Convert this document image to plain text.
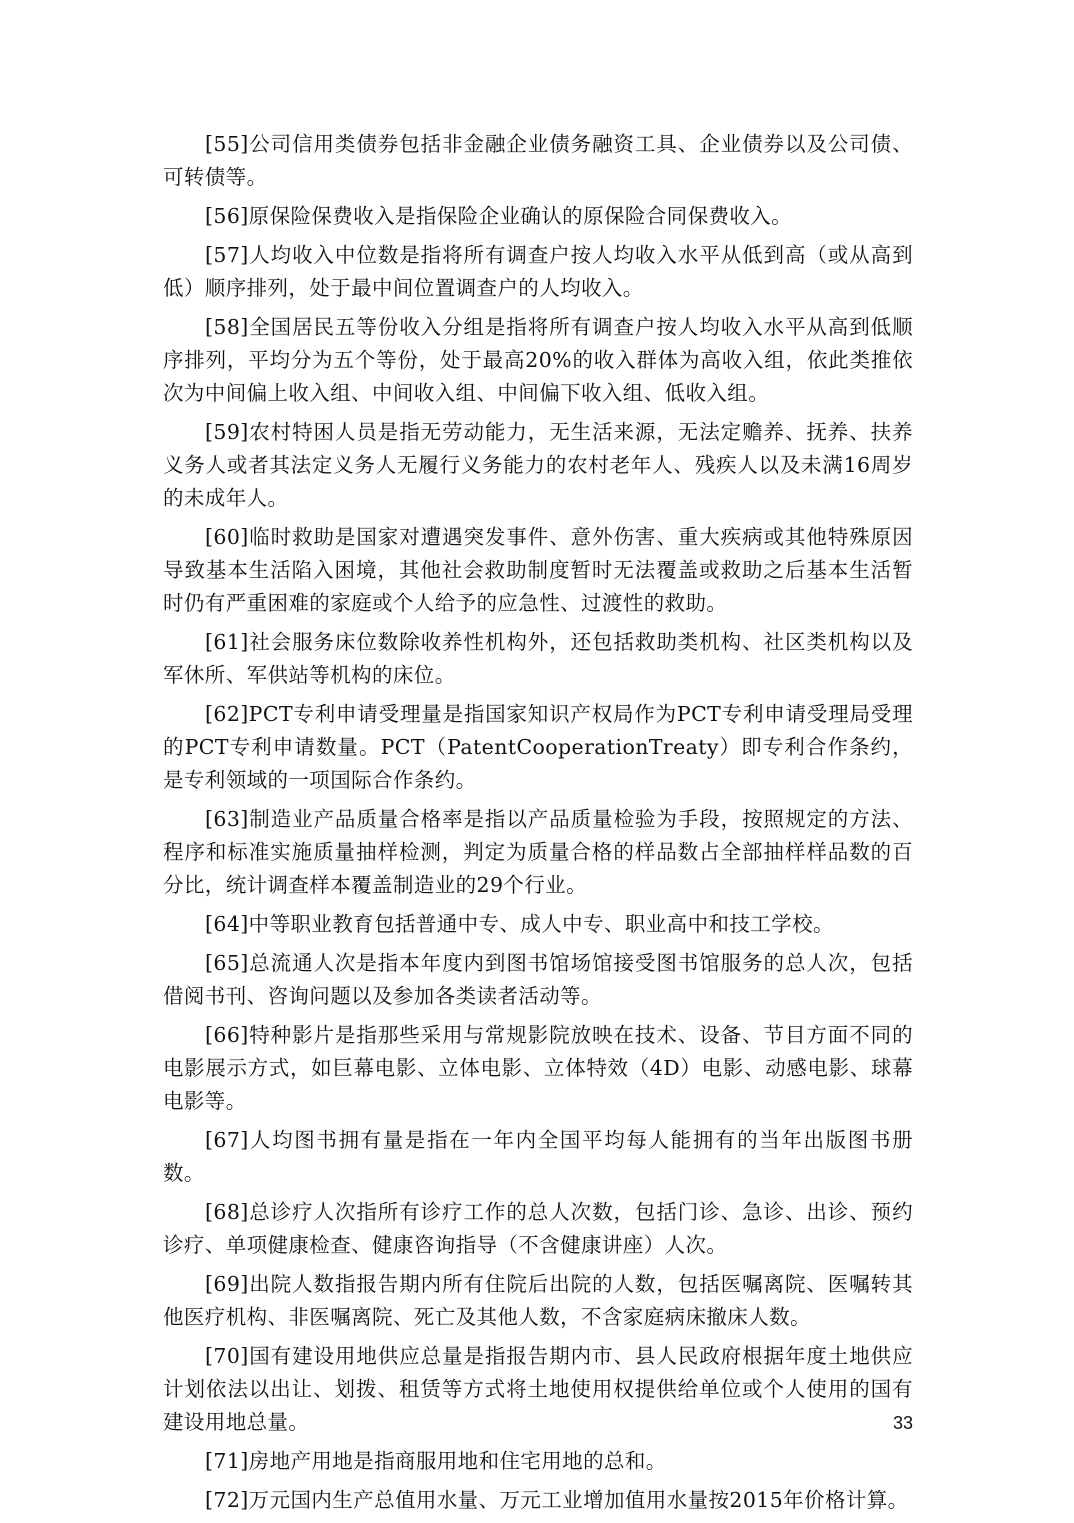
[55]公司信用类债券包括非金融企业债务融资工具、企业债券以及公司债、可转债等。

[56]原保险保费收入是指保险企业确认的原保险合同保费收入。

[57]人均收入中位数是指将所有调查户按人均收入水平从低到高（或从高到低）顺序排列，处于最中间位置调查户的人均收入。

[58]全国居民五等份收入分组是指将所有调查户按人均收入水平从高到低顺序排列，平均分为五个等份，处于最高20%的收入群体为高收入组，依此类推依次为中间偏上收入组、中间收入组、中间偏下收入组、低收入组。

[59]农村特困人员是指无劳动能力，无生活来源，无法定赡养、抚养、扶养义务人或者其法定义务人无履行义务能力的农村老年人、残疾人以及未满16周岁的未成年人。

[60]临时救助是国家对遭遇突发事件、意外伤害、重大疾病或其他特殊原因导致基本生活陷入困境，其他社会救助制度暂时无法覆盖或救助之后基本生活暂时仍有严重困难的家庭或个人给予的应急性、过渡性的救助。

[61]社会服务床位数除收养性机构外，还包括救助类机构、社区类机构以及军休所、军供站等机构的床位。

[62]PCT专利申请受理量是指国家知识产权局作为PCT专利申请受理局受理的PCT专利申请数量。PCT（PatentCooperationTreaty）即专利合作条约，是专利领域的一项国际合作条约。

[63]制造业产品质量合格率是指以产品质量检验为手段，按照规定的方法、程序和标准实施质量抽样检测，判定为质量合格的样品数占全部抽样样品数的百分比，统计调查样本覆盖制造业的29个行业。

[64]中等职业教育包括普通中专、成人中专、职业高中和技工学校。

[65]总流通人次是指本年度内到图书馆场馆接受图书馆服务的总人次，包括借阅书刊、咨询问题以及参加各类读者活动等。

[66]特种影片是指那些采用与常规影院放映在技术、设备、节目方面不同的电影展示方式，如巨幕电影、立体电影、立体特效（4D）电影、动感电影、球幕电影等。

[67]人均图书拥有量是指在一年内全国平均每人能拥有的当年出版图书册数。

[68]总诊疗人次指所有诊疗工作的总人次数，包括门诊、急诊、出诊、预约诊疗、单项健康检查、健康咨询指导（不含健康讲座）人次。

[69]出院人数指报告期内所有住院后出院的人数，包括医嘱离院、医嘱转其他医疗机构、非医嘱离院、死亡及其他人数，不含家庭病床撤床人数。

[70]国有建设用地供应总量是指报告期内市、县人民政府根据年度土地供应计划依法以出让、划拨、租赁等方式将土地使用权提供给单位或个人使用的国有建设用地总量。

[71]房地产用地是指商服用地和住宅用地的总和。

[72]万元国内生产总值用水量、万元工业增加值用水量按2015年价格计算。

33
